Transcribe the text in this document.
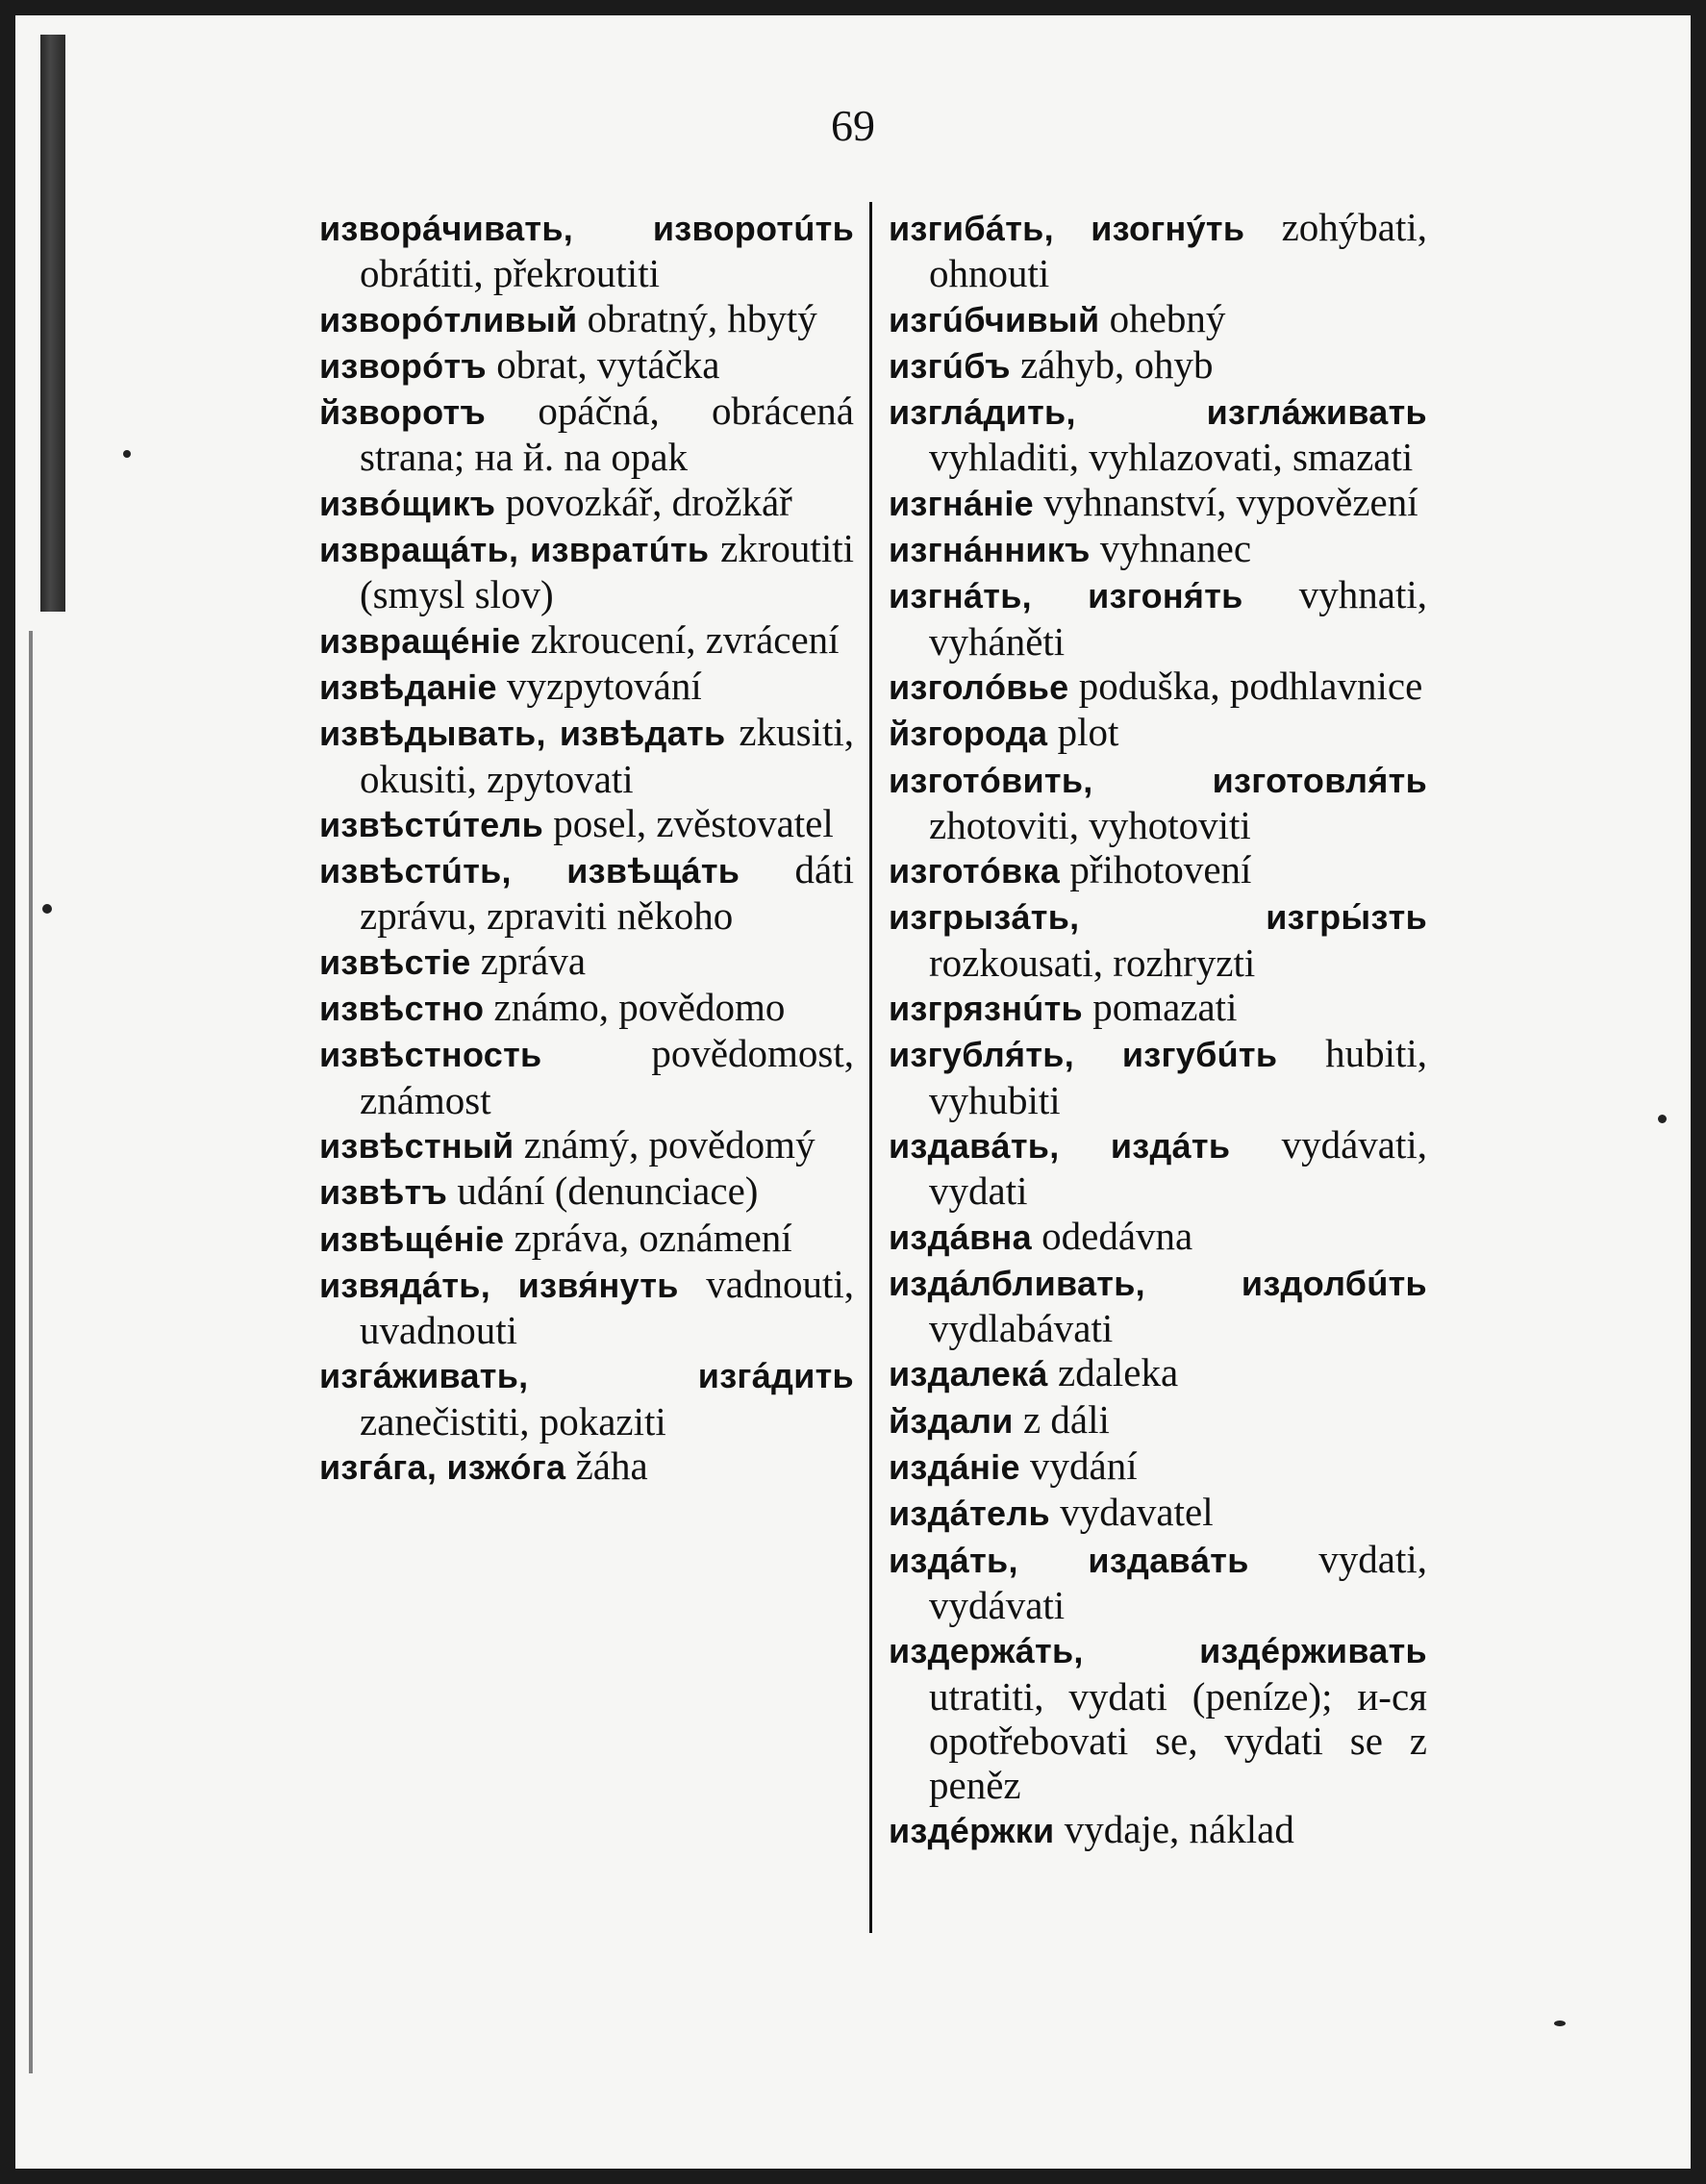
69

изворáчивать, изворотúть obrátiti, překroutiti

изворóтливый obratný, hbytý

изворóтъ obrat, vytáčka

йзворотъ opáčná, obrácená strana; на й. na opak

извóщикъ povozkář, drožkář

извращáть, извратúть zkroutiti (smysl slov)

извращéніе zkroucení, zvrácení

извѣданіе vyzpytování

извѣдывать, извѣдать zkusiti, okusiti, zpytovati

извѣстúтель posel, zvěstovatel

извѣстúть, извѣщáть dáti zprávu, zpraviti někoho

извѣстіе zpráva

извѣстно známo, povědomo

извѣстность	povědomost, známost

извѣстный známý, povědomý

извѣтъ udání (denunciace)

извѣщéніе zpráva, oznámení

извядáть, извя́нуть vadnouti, uvadnouti

изгáживать, изгáдить zanečistiti, pokaziti

изгáга, изжóга žáha

изгибáть, изогнýть zohýbati, ohnouti

изгúбчивый ohebný

изгúбъ záhyb, ohyb

изглáдить, изглáживать vyhladiti, vyhlazovati, smazati

изгнáніе vyhnanství, vypovězení

изгнáнникъ vyhnanec

изгнáть, изгоня́ть vyhnati, vyháněti

изголóвье poduška, podhlavnice

йзгорода plot

изготóвить, изготовля́ть zhotoviti, vyhotoviti

изготóвка přihotovení

изгрызáть, изгры́зть rozkousati, rozhryzti

изгрязнúть pomazati

изгубля́ть, изгубúть hubiti, vyhubiti

издавáть, издáть vydávati, vydati

издáвна odedávna

издáлбливать, издолбúть vydlabávati

издалекá zdaleka

йздали z dáli

издáніе vydání

издáтель vydavatel

издáть, издавáть vydati, vydávati

издержáть, издéрживать utratiti, vydati (peníze); и-ся opotřebovati se, vydati se z peněz

издéржки vydaje, náklad
